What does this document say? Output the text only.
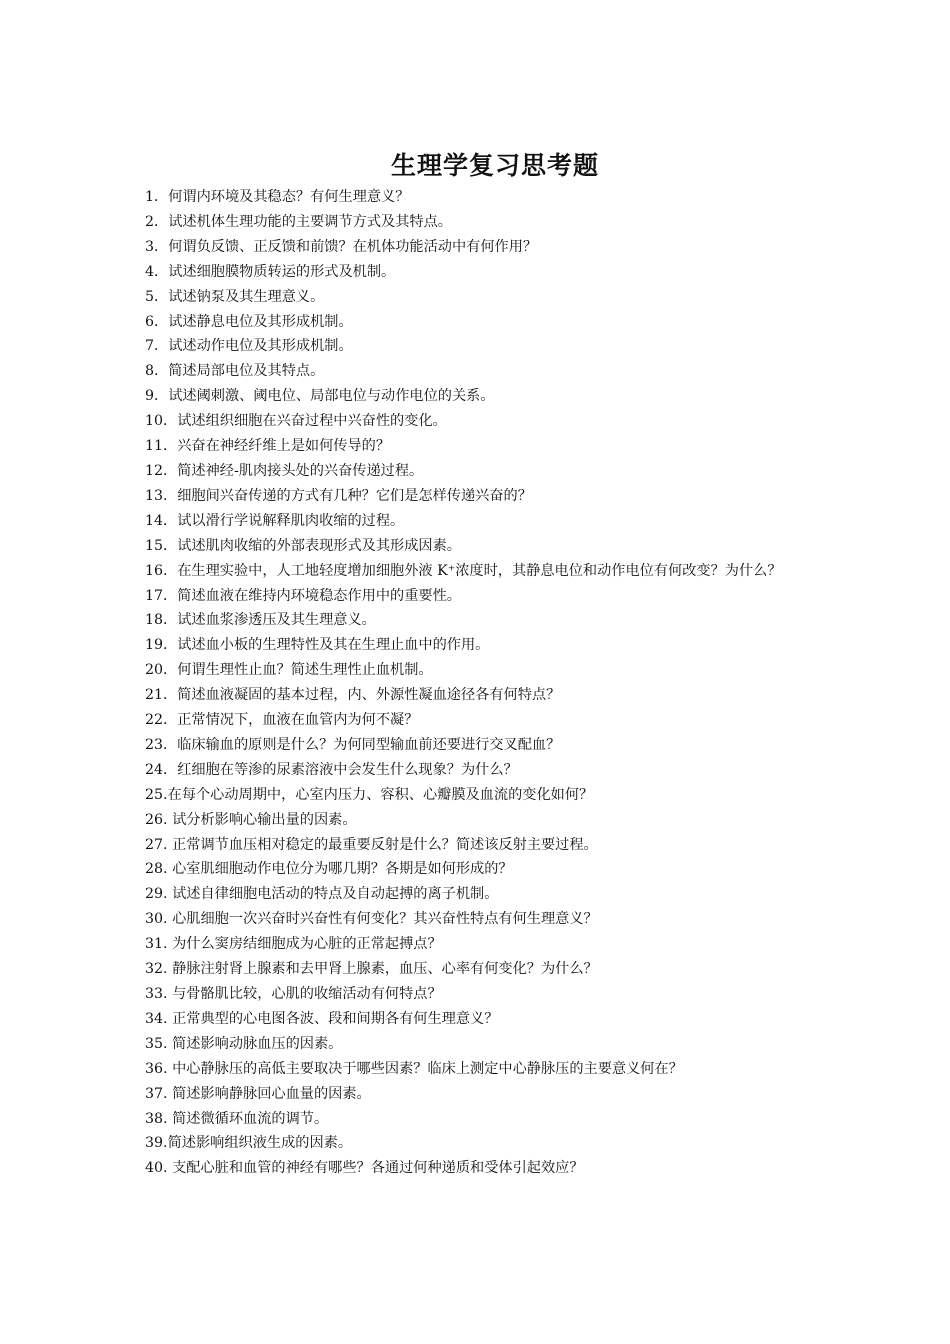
生理学复习思考题
1．何谓内环境及其稳态？有何生理意义？
2．试述机体生理功能的主要调节方式及其特点。
3．何谓负反馈、正反馈和前馈？在机体功能活动中有何作用？
4．试述细胞膜物质转运的形式及机制。
5．试述钠泵及其生理意义。
6．试述静息电位及其形成机制。
7．试述动作电位及其形成机制。
8．简述局部电位及其特点。
9．试述阈刺激、阈电位、局部电位与动作电位的关系。
10．试述组织细胞在兴奋过程中兴奋性的变化。
11．兴奋在神经纤维上是如何传导的？
12．简述神经-肌肉接头处的兴奋传递过程。
13．细胞间兴奋传递的方式有几种？它们是怎样传递兴奋的？
14．试以滑行学说解释肌肉收缩的过程。
15．试述肌肉收缩的外部表现形式及其形成因素。
16．在生理实验中，人工地轻度增加细胞外液 K⁺浓度时，其静息电位和动作电位有何改变？为什么？
17．简述血液在维持内环境稳态作用中的重要性。
18．试述血浆渗透压及其生理意义。
19．试述血小板的生理特性及其在生理止血中的作用。
20．何谓生理性止血？简述生理性止血机制。
21．简述血液凝固的基本过程，内、外源性凝血途径各有何特点？
22．正常情况下，血液在血管内为何不凝？
23．临床输血的原则是什么？为何同型输血前还要进行交叉配血？
24．红细胞在等渗的尿素溶液中会发生什么现象？为什么？
25.在每个心动周期中，心室内压力、容积、心瓣膜及血流的变化如何？
26. 试分析影响心输出量的因素。
27. 正常调节血压相对稳定的最重要反射是什么？简述该反射主要过程。
28. 心室肌细胞动作电位分为哪几期？各期是如何形成的？
29. 试述自律细胞电活动的特点及自动起搏的离子机制。
30. 心肌细胞一次兴奋时兴奋性有何变化？其兴奋性特点有何生理意义？
31. 为什么窦房结细胞成为心脏的正常起搏点？
32. 静脉注射肾上腺素和去甲肾上腺素，血压、心率有何变化？为什么？
33. 与骨骼肌比较，心肌的收缩活动有何特点？
34. 正常典型的心电图各波、段和间期各有何生理意义？
35. 简述影响动脉血压的因素。
36. 中心静脉压的高低主要取决于哪些因素？临床上测定中心静脉压的主要意义何在？
37. 简述影响静脉回心血量的因素。
38. 简述微循环血流的调节。
39.简述影响组织液生成的因素。
40. 支配心脏和血管的神经有哪些？各通过何种递质和受体引起效应？
